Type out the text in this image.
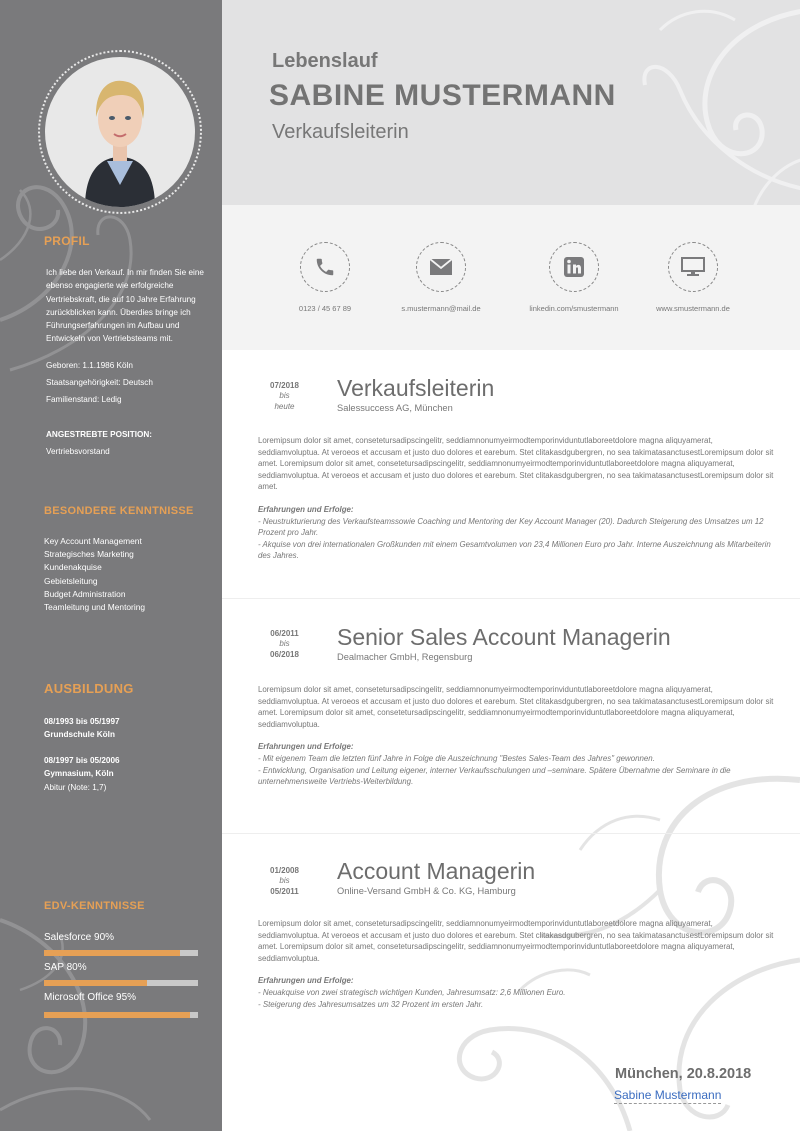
PROFIL
Ich liebe den Verkauf. In mir finden Sie eine ebenso engagierte wie erfolgreiche Vertriebskraft, die auf 10 Jahre Erfahrung zurückblicken kann. Überdies bringe ich Führungserfahrungen im Aufbau und Entwickeln von Vertriebsteams mit.
Geboren: 1.1.1986 Köln
Staatsangehörigkeit: Deutsch
Familienstand: Ledig
ANGESTREBTE POSITION:
Vertriebsvorstand
BESONDERE KENNTNISSE
Key Account Management
Strategisches Marketing
Kundenakquise
Gebietsleitung
Budget Administration
Teamleitung und Mentoring
AUSBILDUNG
08/1993 bis 05/1997
Grundschule Köln
08/1997 bis 05/2006
Gymnasium, Köln
Abitur (Note: 1,7)
EDV-KENNTNISSE
Salesforce 90%
SAP 80%
Microsoft Office 95%
Lebenslauf
SABINE MUSTERMANN
Verkaufsleiterin
0123 / 45 67 89	s.mustermann@mail.de	linkedin.com/smustermann	www.smustermann.de
07/2018
bis
heute
Verkaufsleiterin
Salessuccess AG, München
Loremipsum dolor sit amet, consetetursadipscingelitr, seddiamnonumyeirmodtemporinviduntutlaboreetdolore magna aliquyamerat, seddiamvoluptua. At veroeos et accusam et justo duo dolores et earebum. Stet clitakasdgubergren, no sea takimatasanctusestLoremipsum dolor sit amet. Loremipsum dolor sit amet, consetetursadipscingelitr, seddiamnonumyeirmodtemporinviduntutlaboreetdolore magna aliquyamerat, seddiamvoluptua. At veroeos et accusam et justo duo dolores et earebum. Stet clitakasdgubergren, no sea takimatasanctusestLoremipsum dolor sit amet.
Erfahrungen und Erfolge:
- Neustrukturierung des Verkaufsteamssowie Coaching und Mentoring der Key Account Manager (20). Dadurch Steigerung des Umsatzes um 12 Prozent pro Jahr.
- Akquise von drei internationalen Großkunden mit einem Gesamtvolumen von 23,4 Millionen Euro pro Jahr. Interne Auszeichnung als Mitarbeiterin des Jahres.
06/2011
bis
06/2018
Senior Sales Account Managerin
Dealmacher GmbH, Regensburg
Loremipsum dolor sit amet, consetetursadipscingelitr, seddiamnonumyeirmodtemporinviduntutlaboreetdolore magna aliquyamerat, seddiamvoluptua. At veroeos et accusam et justo duo dolores et earebum. Stet clitakasdgubergren, no sea takimatasanctusestLoremipsum dolor sit amet. Loremipsum dolor sit amet, consetetursadipscingelitr, seddiamnonumyeirmodtemporinviduntutlaboreetdolore magna aliquyamerat, seddiamvoluptua.
Erfahrungen und Erfolge:
- Mit eigenem Team die letzten fünf Jahre in Folge die Auszeichnung "Bestes Sales-Team des Jahres" gewonnen.
- Entwicklung, Organisation und Leitung eigener, interner Verkaufsschulungen und –seminare. Spätere Übernahme der Seminare in die unternehmensweite Vertriebs-Weiterbildung.
01/2008
bis
05/2011
Account Managerin
Online-Versand GmbH & Co. KG, Hamburg
Loremipsum dolor sit amet, consetetursadipscingelitr, seddiamnonumyeirmodtemporinviduntutlaboreetdolore magna aliquyamerat, seddiamvoluptua. At veroeos et accusam et justo duo dolores et earebum. Stet clitakasdgubergren, no sea takimatasanctusestLoremipsum dolor sit amet. Loremipsum dolor sit amet, consetetursadipscingelitr, seddiamnonumyeirmodtemporinviduntutlaboreetdolore magna aliquyamerat, seddiamvoluptua.
Erfahrungen und Erfolge:
- Neuakquise von zwei strategisch wichtigen Kunden, Jahresumsatz: 2,6 Millionen Euro.
- Steigerung des Jahresumsatzes um 32 Prozent im ersten Jahr.
München, 20.8.2018
Sabine Mustermann
